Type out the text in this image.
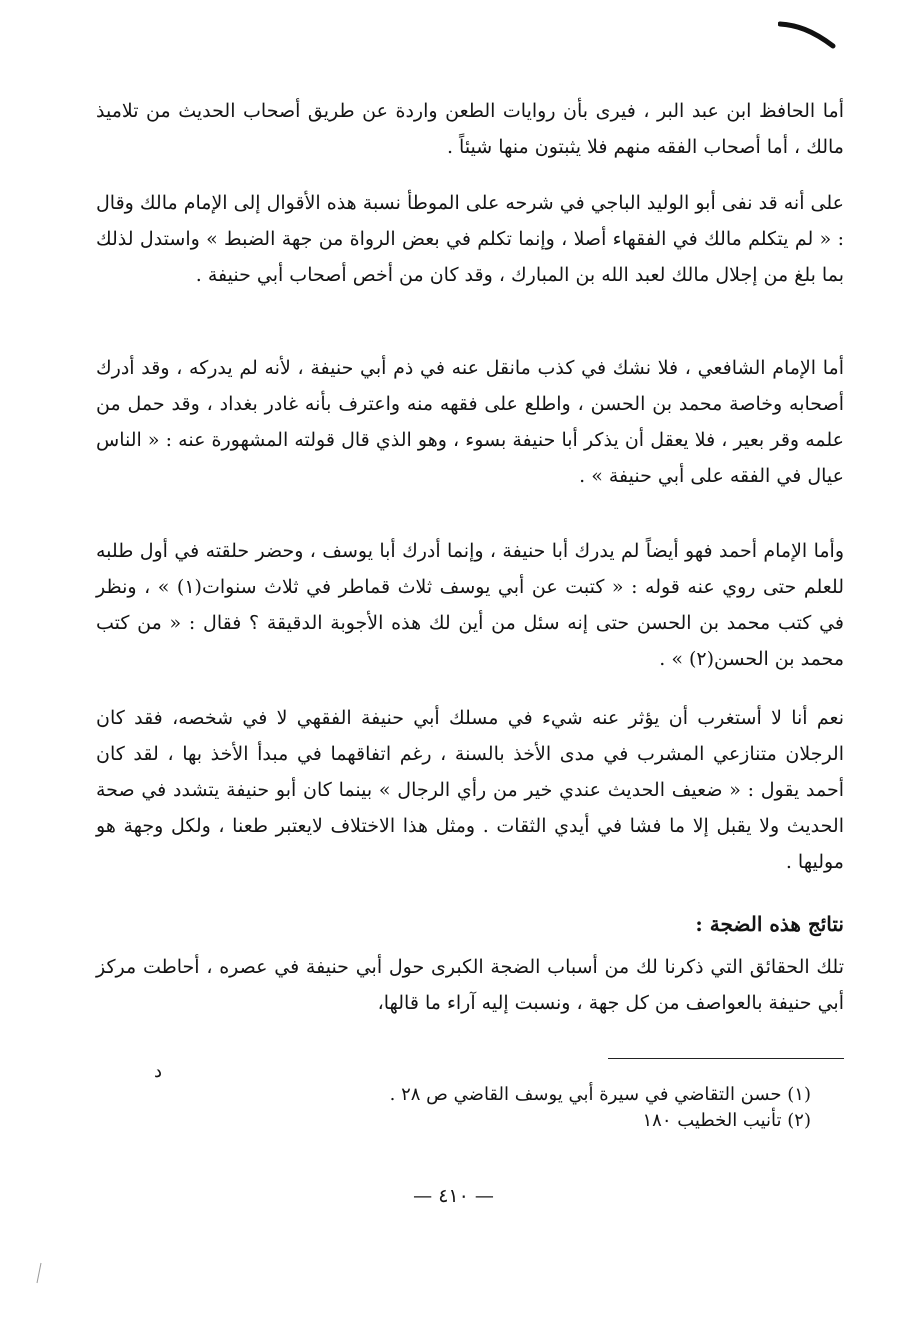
أما الحافظ ابن عبد البر ، فيرى بأن روايات الطعن واردة عن طريق أصحاب الحديث من تلاميذ مالك ، أما أصحاب الفقه منهم فلا يثبتون منها شيئاً .

على أنه قد نفى أبو الوليد الباجي في شرحه على الموطأ نسبة هذه الأقوال إلى الإمام مالك وقال : « لم يتكلم مالك في الفقهاء أصلا ، وإنما تكلم في بعض الرواة من جهة الضبط » واستدل لذلك بما بلغ من إجلال مالك لعبد الله بن المبارك ، وقد كان من أخص أصحاب أبي حنيفة .

أما الإمام الشافعي ، فلا نشك في كذب مانقل عنه في ذم أبي حنيفة ، لأنه لم يدركه ، وقد أدرك أصحابه وخاصة محمد بن الحسن ، واطلع على فقهه منه واعترف بأنه غادر بغداد ، وقد حمل من علمه وقر بعير ، فلا يعقل أن يذكر أبا حنيفة بسوء ، وهو الذي قال قولته المشهورة عنه : « الناس عيال في الفقه على أبي حنيفة » .

وأما الإمام أحمد فهو أيضاً لم يدرك أبا حنيفة ، وإنما أدرك أبا يوسف ، وحضر حلقته في أول طلبه للعلم حتى روي عنه قوله : « كتبت عن أبي يوسف ثلاث قماطر في ثلاث سنوات(١) » ، ونظر في كتب محمد بن الحسن حتى إنه سئل من أين لك هذه الأجوبة الدقيقة ؟ فقال : « من كتب محمد بن الحسن(٢) » .

نعم أنا لا أستغرب أن يؤثر عنه شيء في مسلك أبي حنيفة الفقهي لا في شخصه، فقد كان الرجلان متنازعي المشرب في مدى الأخذ بالسنة ، رغم اتفاقهما في مبدأ الأخذ بها ، لقد كان أحمد يقول : « ضعيف الحديث عندي خير من رأي الرجال » بينما كان أبو حنيفة يتشدد في صحة الحديث ولا يقبل إلا ما فشا في أيدي الثقات . ومثل هذا الاختلاف لايعتبر طعنا ، ولكل وجهة هو موليها .

نتائج هذه الضجة :

تلك الحقائق التي ذكرنا لك من أسباب الضجة الكبرى حول أبي حنيفة في عصره ، أحاطت مركز أبي حنيفة بالعواصف من كل جهة ، ونسبت إليه آراء ما قالها،

د
(١) حسن التقاضي في سيرة أبي يوسف القاضي ص ٢٨ .
(٢) تأنيب الخطيب ١٨٠
— ٤١٠ —
